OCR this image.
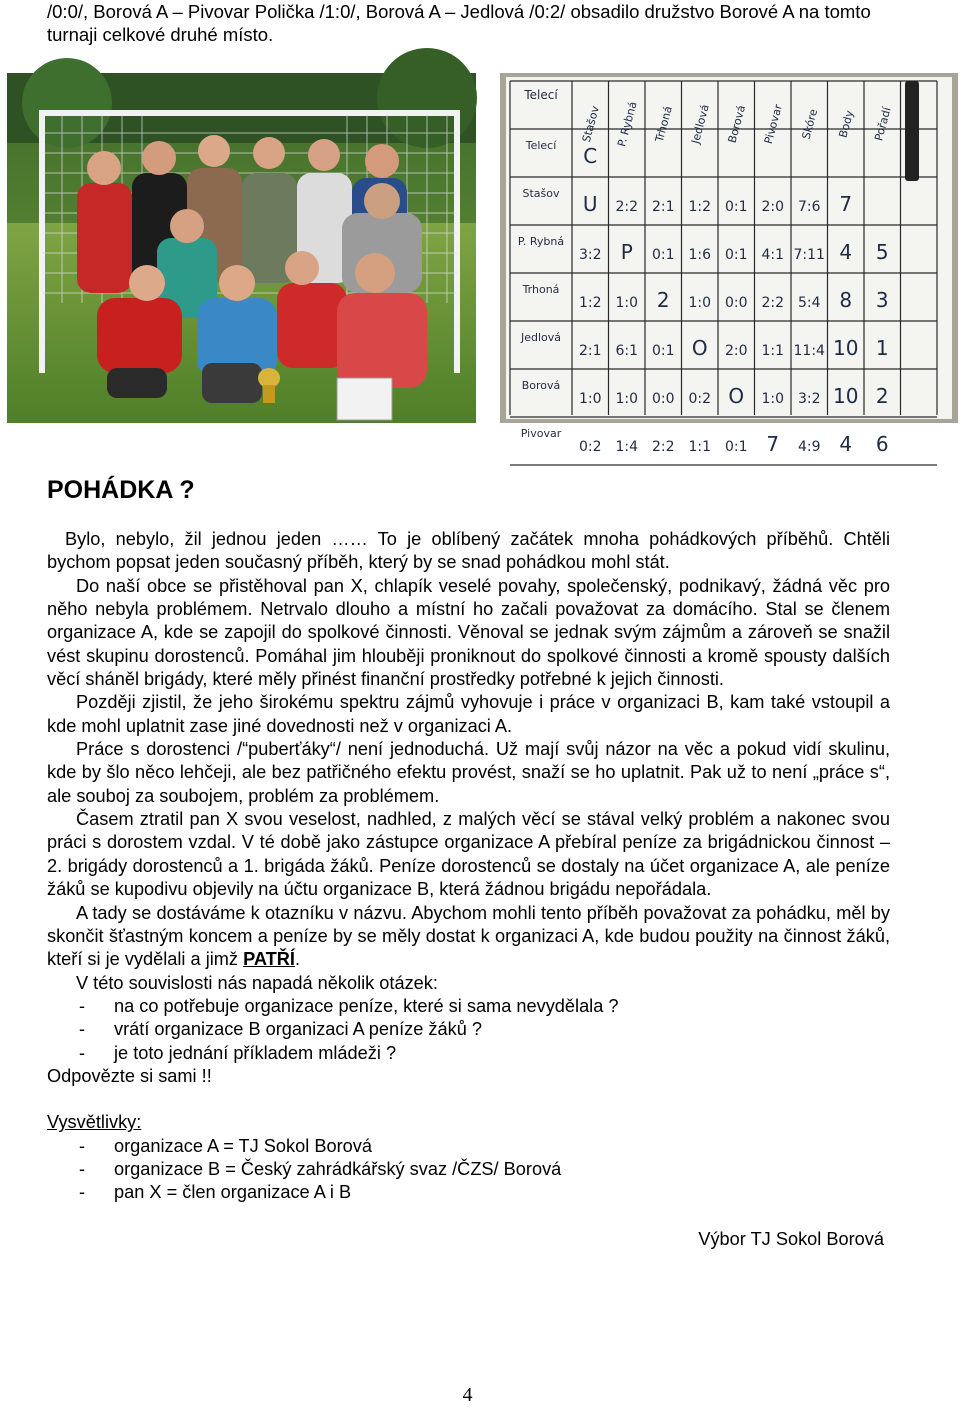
/0:0/, Borová A – Pivovar Polička /1:0/, Borová A – Jedlová /0:2/ obsadilo družstvo Borové A na tomto turnaji celkové druhé místo.
Telecí
Stašov P. Rybná Trhoná Jedlová Borová Pivovar Skóre Body Pořadí
Telecí C
Stašov U 2:2 2:1 1:2 0:1 2:0 7:6 7
P. Rybná
3:2 P 0:1 1:6 0:1 4:1 7:11 4 5
Trhoná
1:2 1:0 2 1:0 0:0 2:2 5:4 8 3
Jedlová
2:1 6:1 0:1 O 2:0 1:1 11:4 10 1
Borová
1:0 1:0 0:0 0:2 O 1:0 3:2 10 2
Pivovar
0:2 1:4 2:2 1:1 0:1 7 4:9 4 6
POHÁDKA ?

Bylo, nebylo, žil jednou jeden …… To je oblíbený začátek mnoha pohádkových příběhů. Chtěli bychom popsat jeden současný příběh, který by se snad pohádkou mohl stát.

Do naší obce se přistěhoval pan X, chlapík veselé povahy, společenský, podnikavý, žádná věc pro něho nebyla problémem. Netrvalo dlouho a místní ho začali považovat za domácího. Stal se členem organizace A, kde se zapojil do spolkové činnosti. Věnoval se jednak svým zájmům a zároveň se snažil vést skupinu dorostenců. Pomáhal jim hlouběji proniknout do spolkové činnosti a kromě spousty dalších věcí sháněl brigády, které měly přinést finanční prostředky potřebné k jejich činnosti.

Později zjistil, že jeho širokému spektru zájmů vyhovuje i práce v organizaci B, kam také vstoupil a kde mohl uplatnit zase jiné dovednosti než v organizaci A.

Práce s dorostenci /“puberťáky“/ není jednoduchá. Už mají svůj názor na věc a pokud vidí skulinu, kde by šlo něco lehčeji, ale bez patřičného efektu provést, snaží se ho uplatnit. Pak už to není „práce s“, ale souboj za soubojem, problém za problémem.

Časem ztratil pan X svou veselost, nadhled, z malých věcí se stával velký problém a nakonec svou práci s dorostem vzdal. V té době jako zástupce organizace A přebíral peníze za brigádnickou činnost – 2. brigády dorostenců a 1. brigáda žáků. Peníze dorostenců se dostaly na účet organizace A, ale peníze žáků se kupodivu objevily na účtu organizace B, která žádnou brigádu nepořádala.

A tady se dostáváme k otazníku v názvu. Abychom mohli tento příběh považovat za pohádku, měl by skončit šťastným koncem a peníze by se měly dostat k organizaci A, kde budou použity na činnost žáků, kteří si je vydělali a jimž PATŘÍ.

V této souvislosti nás napadá několik otázek:

- na co potřebuje organizace peníze, které si sama nevydělala ?
- vrátí organizace B organizaci A peníze žáků ?
- je toto jednání příkladem mládeži ?

Odpovězte si sami !!

Vysvětlivky:

- organizace A = TJ Sokol Borová
- organizace B = Český zahrádkářský svaz /ČZS/ Borová
- pan X = člen organizace A i B
Výbor TJ Sokol Borová
4
